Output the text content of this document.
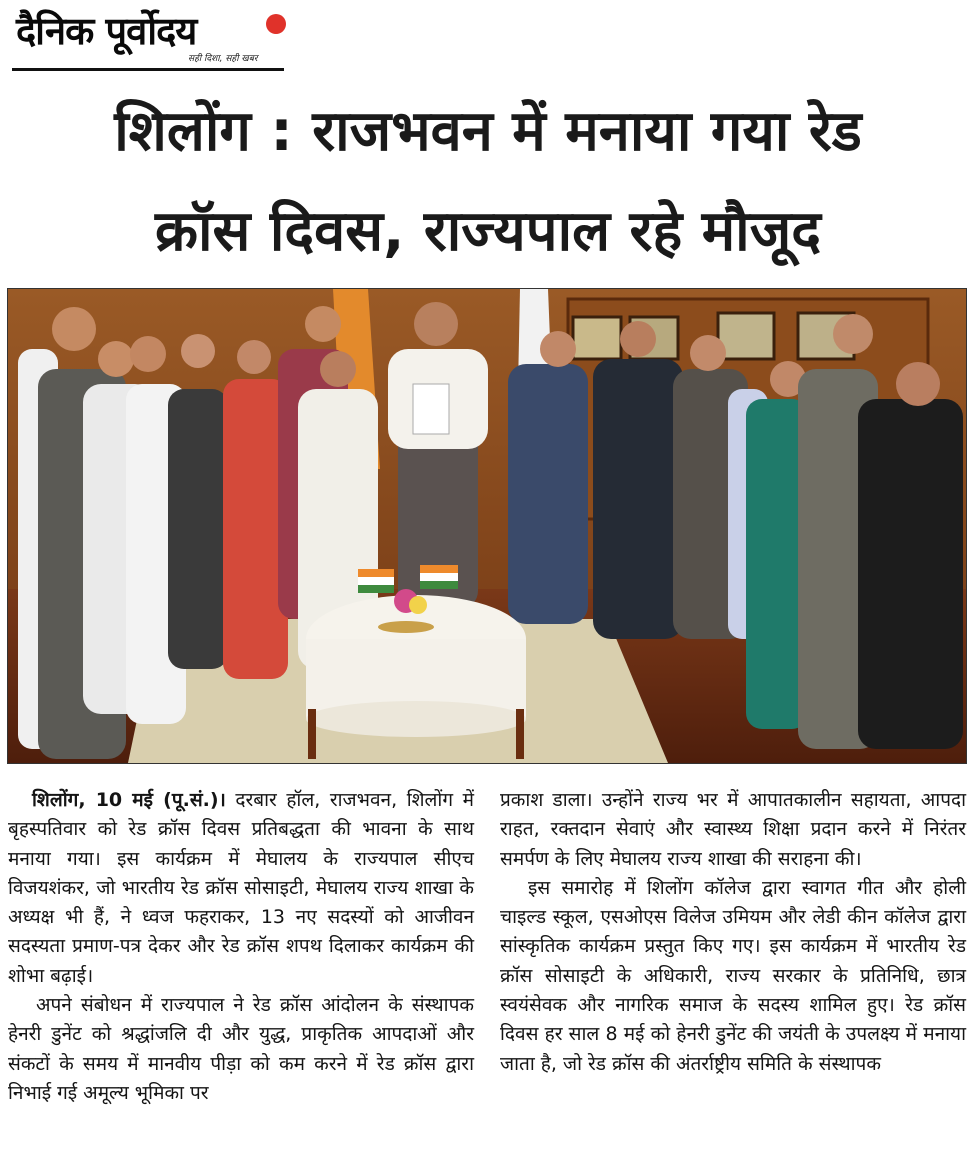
दैनिक पूर्वोदय
सही दिशा, सही खबर
शिलोंग : राजभवन में मनाया गया रेड
क्रॉस दिवस, राज्यपाल रहे मौजूद

शिलोंग, 10 मई (पू.सं.)। दरबार हॉल, राजभवन, शिलोंग में बृहस्पतिवार को रेड क्रॉस दिवस प्रतिबद्धता की भावना के साथ मनाया गया। इस कार्यक्रम में मेघालय के राज्यपाल सीएच विजयशंकर, जो भारतीय रेड क्रॉस सोसाइटी, मेघालय राज्य शाखा के अध्यक्ष भी हैं, ने ध्वज फहराकर, 13 नए सदस्यों को आजीवन सदस्यता प्रमाण-पत्र देकर और रेड क्रॉस शपथ दिलाकर कार्यक्रम की शोभा बढ़ाई।

अपने संबोधन में राज्यपाल ने रेड क्रॉस आंदोलन के संस्थापक हेनरी डुनेंट को श्रद्धांजलि दी और युद्ध, प्राकृतिक आपदाओं और संकटों के समय में मानवीय पीड़ा को कम करने में रेड क्रॉस द्वारा निभाई गई अमूल्य भूमिका पर

प्रकाश डाला। उन्होंने राज्य भर में आपातकालीन सहायता, आपदा राहत, रक्तदान सेवाएं और स्वास्थ्य शिक्षा प्रदान करने में निरंतर समर्पण के लिए मेघालय राज्य शाखा की सराहना की।

इस समारोह में शिलोंग कॉलेज द्वारा स्वागत गीत और होली चाइल्ड स्कूल, एसओएस विलेज उमियम और लेडी कीन कॉलेज द्वारा सांस्कृतिक कार्यक्रम प्रस्तुत किए गए। इस कार्यक्रम में भारतीय रेड क्रॉस सोसाइटी के अधिकारी, राज्य सरकार के प्रतिनिधि, छात्र स्वयंसेवक और नागरिक समाज के सदस्य शामिल हुए। रेड क्रॉस दिवस हर साल 8 मई को हेनरी डुनेंट की जयंती के उपलक्ष्य में मनाया जाता है, जो रेड क्रॉस की अंतर्राष्ट्रीय समिति के संस्थापक
